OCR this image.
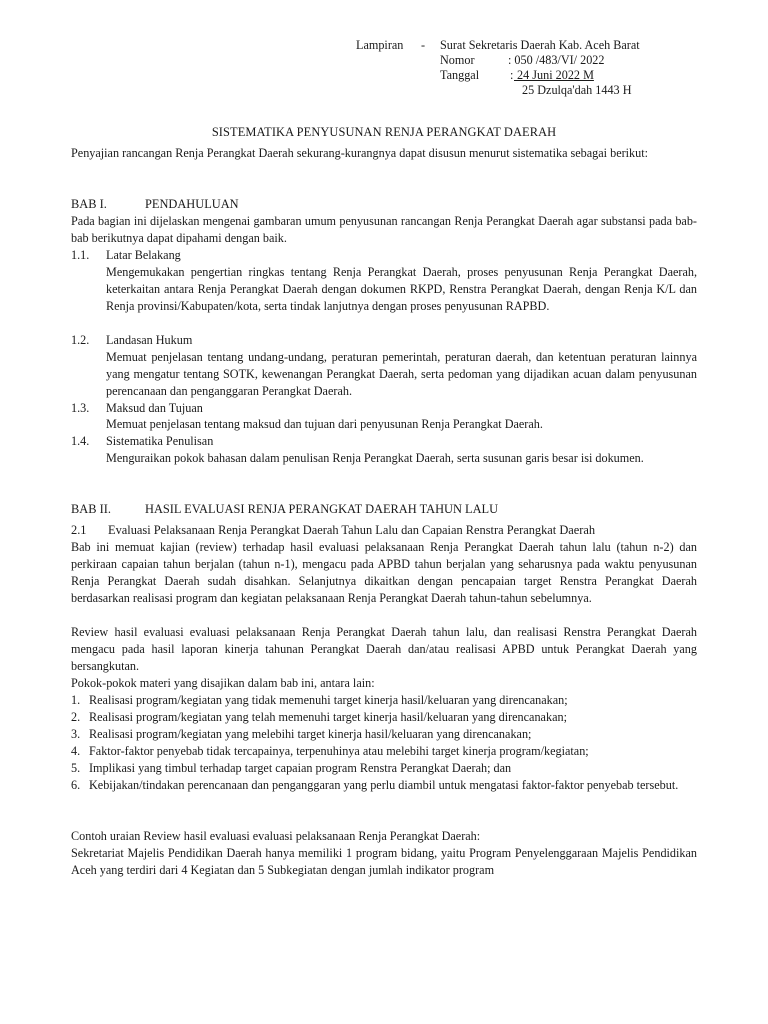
Lampiran - Surat Sekretaris Daerah Kab. Aceh Barat
Nomor	: 050 /483/VI/ 2022
Tanggal	: 24 Juni 2022 M
25 Dzulqa'dah 1443 H
SISTEMATIKA PENYUSUNAN RENJA PERANGKAT DAERAH
Penyajian rancangan Renja Perangkat Daerah sekurang-kurangnya dapat disusun menurut sistematika sebagai berikut:
BAB I.	PENDAHULUAN
Pada bagian ini dijelaskan mengenai gambaran umum penyusunan rancangan Renja Perangkat Daerah agar substansi pada bab-bab berikutnya dapat dipahami dengan baik.
1.1. Latar Belakang
Mengemukakan pengertian ringkas tentang Renja Perangkat Daerah, proses penyusunan Renja Perangkat Daerah, keterkaitan antara Renja Perangkat Daerah dengan dokumen RKPD, Renstra Perangkat Daerah, dengan Renja K/L dan Renja provinsi/Kabupaten/kota, serta tindak lanjutnya dengan proses penyusunan RAPBD.
1.2. Landasan Hukum
Memuat penjelasan tentang undang-undang, peraturan pemerintah, peraturan daerah, dan ketentuan peraturan lainnya yang mengatur tentang SOTK, kewenangan Perangkat Daerah, serta pedoman yang dijadikan acuan dalam penyusunan perencanaan dan penganggaran Perangkat Daerah.
1.3. Maksud dan Tujuan
Memuat penjelasan tentang maksud dan tujuan dari penyusunan Renja Perangkat Daerah.
1.4. Sistematika Penulisan
Menguraikan pokok bahasan dalam penulisan Renja Perangkat Daerah, serta susunan garis besar isi dokumen.
BAB II.	HASIL EVALUASI RENJA PERANGKAT DAERAH TAHUN LALU
2.1 Evaluasi Pelaksanaan Renja Perangkat Daerah Tahun Lalu dan Capaian Renstra Perangkat Daerah
Bab ini memuat kajian (review) terhadap hasil evaluasi pelaksanaan Renja Perangkat Daerah tahun lalu (tahun n-2) dan perkiraan capaian tahun berjalan (tahun n-1), mengacu pada APBD tahun berjalan yang seharusnya pada waktu penyusunan Renja Perangkat Daerah sudah disahkan. Selanjutnya dikaitkan dengan pencapaian target Renstra Perangkat Daerah berdasarkan realisasi program dan kegiatan pelaksanaan Renja Perangkat Daerah tahun-tahun sebelumnya.
Review hasil evaluasi evaluasi pelaksanaan Renja Perangkat Daerah tahun lalu, dan realisasi Renstra Perangkat Daerah mengacu pada hasil laporan kinerja tahunan Perangkat Daerah dan/atau realisasi APBD untuk Perangkat Daerah yang bersangkutan.
Pokok-pokok materi yang disajikan dalam bab ini, antara lain:
1. Realisasi program/kegiatan yang tidak memenuhi target kinerja hasil/keluaran yang direncanakan;
2. Realisasi program/kegiatan yang telah memenuhi target kinerja hasil/keluaran yang direncanakan;
3. Realisasi program/kegiatan yang melebihi target kinerja hasil/keluaran yang direncanakan;
4. Faktor-faktor penyebab tidak tercapainya, terpenuhinya atau melebihi target kinerja program/kegiatan;
5. Implikasi yang timbul terhadap target capaian program Renstra Perangkat Daerah; dan
6. Kebijakan/tindakan perencanaan dan penganggaran yang perlu diambil untuk mengatasi faktor-faktor penyebab tersebut.
Contoh uraian Review hasil evaluasi evaluasi pelaksanaan Renja Perangkat Daerah:
Sekretariat Majelis Pendidikan Daerah hanya memiliki 1 program bidang, yaitu Program Penyelenggaraan Majelis Pendidikan Aceh yang terdiri dari 4 Kegiatan dan 5 Subkegiatan dengan jumlah indikator program
